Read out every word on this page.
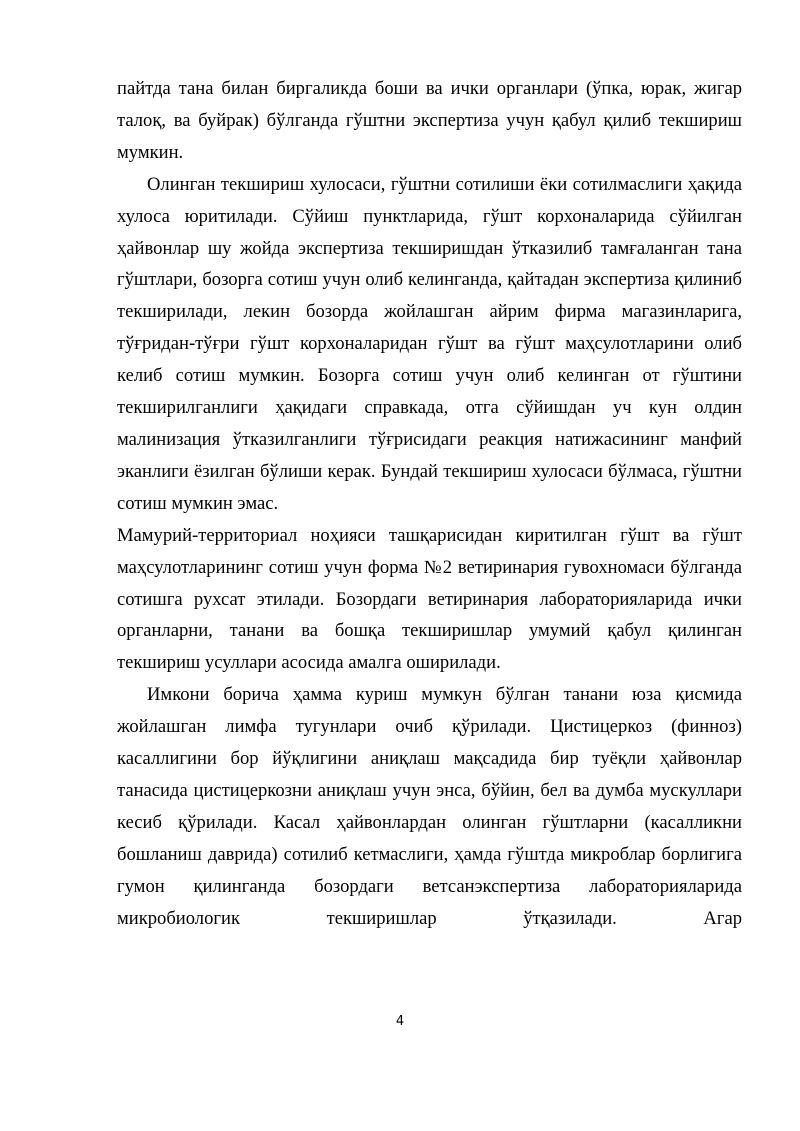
пайтда тана билан биргаликда боши ва ички органлари (ўпка, юрак, жигар талоқ, ва буйрак) бўлганда гўштни экспертиза учун қабул қилиб текшириш мумкин.

Олинган текшириш хулосаси, гўштни сотилиши ёки сотилмаслиги ҳақида хулоса юритилади. Сўйиш пунктларида, гўшт корхоналарида сўйилган ҳайвонлар шу жойда экспертиза текширишдан ўтказилиб тамғаланган тана гўштлари, бозорга сотиш учун олиб келинганда, қайтадан экспертиза қилиниб текширилади, лекин бозорда жойлашган айрим фирма магазинларига, тўғридан-тўғри гўшт корхоналаридан гўшт ва гўшт маҳсулотларини олиб келиб сотиш мумкин. Бозорга сотиш учун олиб келинган от гўштини текширилганлиги ҳақидаги справкада, отга сўйишдан уч кун олдин малинизация ўтказилганлиги тўғрисидаги реакция натижасининг манфий эканлиги ёзилган бўлиши керак. Бундай текшириш хулосаси бўлмаса, гўштни сотиш мумкин эмас.

Мамурий-территориал ноҳияси ташқарисидан киритилган гўшт ва гўшт маҳсулотларининг сотиш учун форма №2 ветиринария гувохномаси бўлганда сотишга рухсат этилади. Бозордаги ветиринария лабораторияларида ички органларни, танани ва бошқа текширишлар умумий қабул қилинган текшириш усуллари асосида амалга оширилади.

Имкони борича ҳамма куриш мумкун бўлган танани юза қисмида жойлашган лимфа тугунлари очиб қўрилади. Цистицеркоз (финноз) касаллигини бор йўқлигини аниқлаш мақсадида бир туёқли ҳайвонлар танасида цистицеркозни аниқлаш учун энса, бўйин, бел ва думба мускуллари кесиб қўрилади. Касал ҳайвонлардан олинган гўштларни (касалликни бошланиш даврида) сотилиб кетмаслиги, ҳамда гўштда микроблар борлигига гумон қилинганда бозордаги ветсанэкспертиза лабораторияларида микробиологик текширишлар ўтқазилади. Агар

4
